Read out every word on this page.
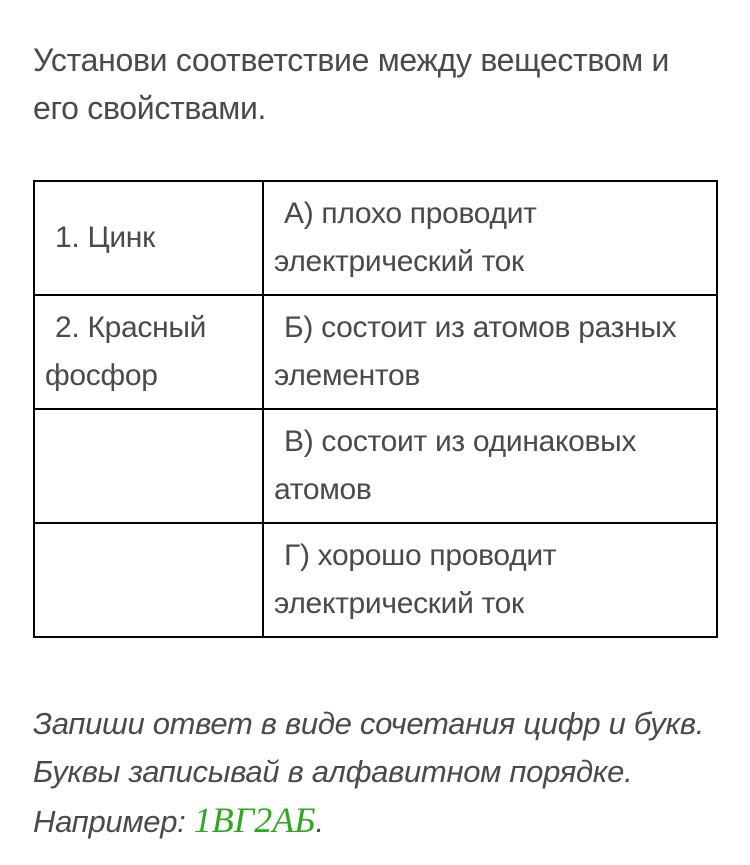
Установи соответствие между веществом и его свойствами.

1. Цинк	А) плохо проводит электрический ток
2. Красный фосфор	Б) состоит из атомов разных элементов
	В) состоит из одинаковых атомов
	Г) хорошо проводит электрический ток

Запиши ответ в виде сочетания цифр и букв. Буквы записывай в алфавитном порядке. Например: 1ВГ2АБ.
